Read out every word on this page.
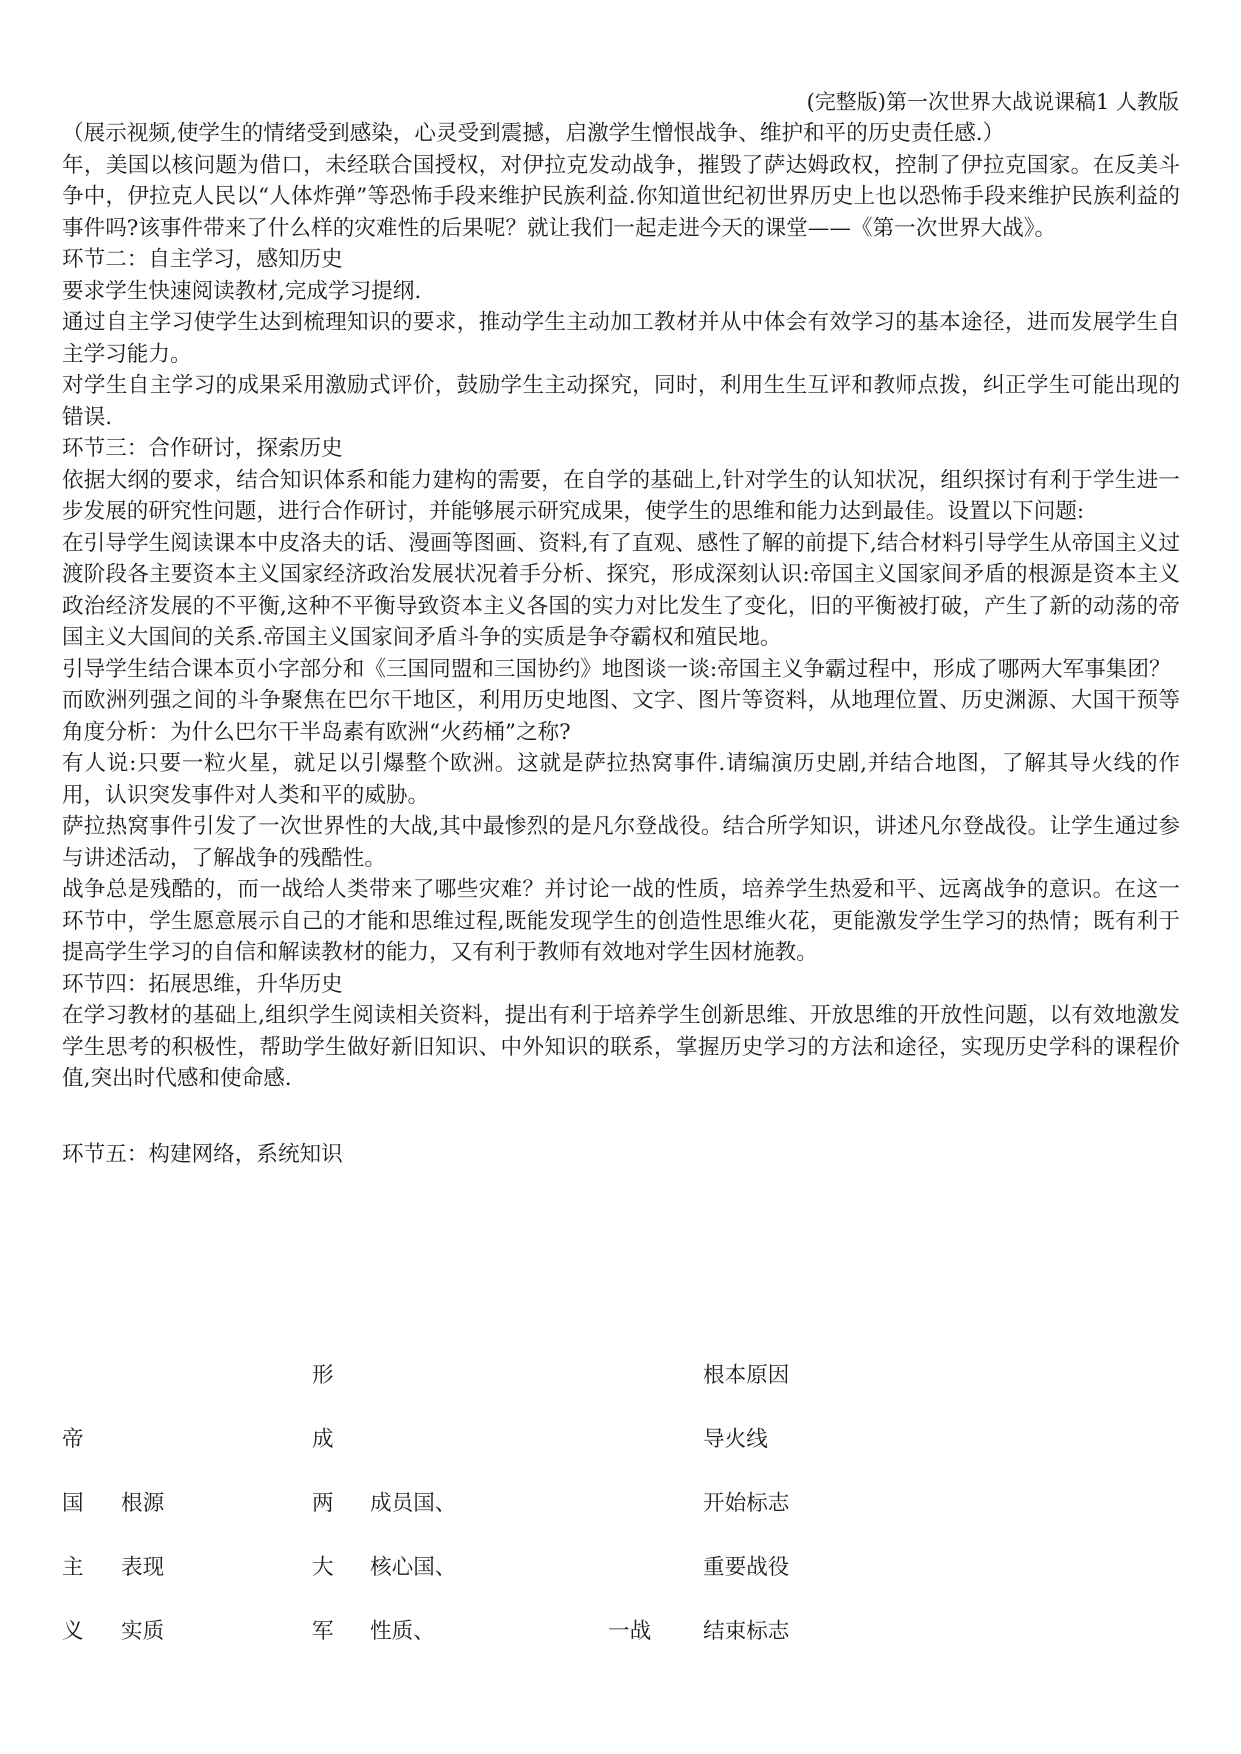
(完整版)第一次世界大战说课稿1 人教版

（展示视频,使学生的情绪受到感染，心灵受到震撼，启激学生憎恨战争、维护和平的历史责任感.）

年，美国以核问题为借口，未经联合国授权，对伊拉克发动战争，摧毁了萨达姆政权，控制了伊拉克国家。在反美斗争中，伊拉克人民以“人体炸弹”等恐怖手段来维护民族利益.你知道世纪初世界历史上也以恐怖手段来维护民族利益的事件吗?该事件带来了什么样的灾难性的后果呢？就让我们一起走进今天的课堂——《第一次世界大战》。

环节二：自主学习，感知历史

要求学生快速阅读教材,完成学习提纲.

通过自主学习使学生达到梳理知识的要求，推动学生主动加工教材并从中体会有效学习的基本途径，进而发展学生自主学习能力。

对学生自主学习的成果采用激励式评价，鼓励学生主动探究，同时，利用生生互评和教师点拨，纠正学生可能出现的错误.

环节三：合作研讨，探索历史

依据大纲的要求，结合知识体系和能力建构的需要，在自学的基础上,针对学生的认知状况，组织探讨有利于学生进一步发展的研究性问题，进行合作研讨，并能够展示研究成果，使学生的思维和能力达到最佳。设置以下问题:

在引导学生阅读课本中皮洛夫的话、漫画等图画、资料,有了直观、感性了解的前提下,结合材料引导学生从帝国主义过渡阶段各主要资本主义国家经济政治发展状况着手分析、探究，形成深刻认识:帝国主义国家间矛盾的根源是资本主义政治经济发展的不平衡,这种不平衡导致资本主义各国的实力对比发生了变化，旧的平衡被打破，产生了新的动荡的帝国主义大国间的关系.帝国主义国家间矛盾斗争的实质是争夺霸权和殖民地。

引导学生结合课本页小字部分和《三国同盟和三国协约》地图谈一谈:帝国主义争霸过程中，形成了哪两大军事集团？

而欧洲列强之间的斗争聚焦在巴尔干地区，利用历史地图、文字、图片等资料，从地理位置、历史渊源、大国干预等角度分析：为什么巴尔干半岛素有欧洲“火药桶”之称?

有人说:只要一粒火星，就足以引爆整个欧洲。这就是萨拉热窝事件.请编演历史剧,并结合地图，了解其导火线的作用，认识突发事件对人类和平的威胁。

萨拉热窝事件引发了一次世界性的大战,其中最惨烈的是凡尔登战役。结合所学知识，讲述凡尔登战役。让学生通过参与讲述活动，了解战争的残酷性。

战争总是残酷的，而一战给人类带来了哪些灾难？并讨论一战的性质，培养学生热爱和平、远离战争的意识。在这一环节中，学生愿意展示自己的才能和思维过程,既能发现学生的创造性思维火花，更能激发学生学习的热情；既有利于提高学生学习的自信和解读教材的能力，又有利于教师有效地对学生因材施教。

环节四：拓展思维，升华历史

在学习教材的基础上,组织学生阅读相关资料，提出有利于培养学生创新思维、开放思维的开放性问题，以有效地激发学生思考的积极性，帮助学生做好新旧知识、中外知识的联系，掌握历史学习的方法和途径，实现历史学科的课程价值,突出时代感和使命感.

环节五：构建网络，系统知识

帝
国
主
义
根源
表现
实质
形
成
两
大
军
成员国、
核心国、
性质、	一战
根本原因
导火线
开始标志
重要战役
结束标志
